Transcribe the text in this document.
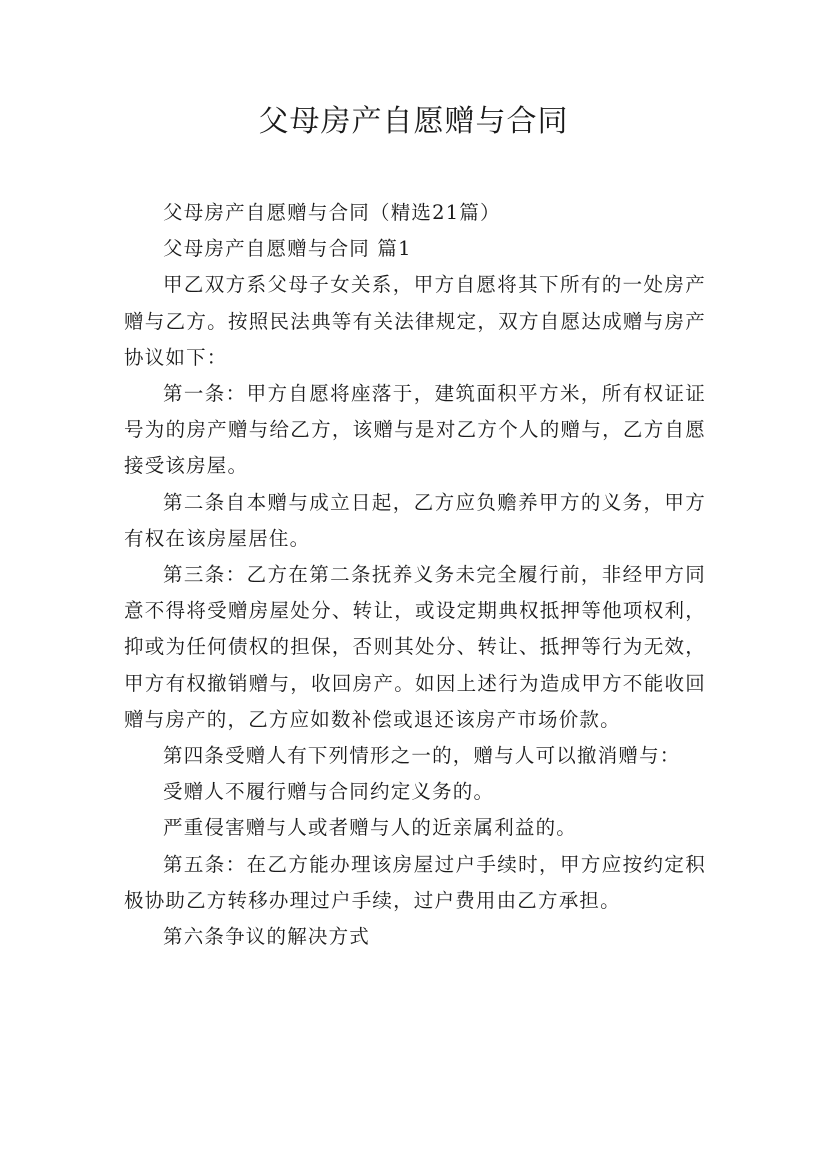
父母房产自愿赠与合同

父母房产自愿赠与合同（精选21篇）

父母房产自愿赠与合同 篇1

甲乙双方系父母子女关系，甲方自愿将其下所有的一处房产赠与乙方。按照民法典等有关法律规定，双方自愿达成赠与房产协议如下：

第一条：甲方自愿将座落于，建筑面积平方米，所有权证证号为的房产赠与给乙方，该赠与是对乙方个人的赠与，乙方自愿接受该房屋。

第二条自本赠与成立日起，乙方应负赡养甲方的义务，甲方有权在该房屋居住。

第三条：乙方在第二条抚养义务未完全履行前，非经甲方同意不得将受赠房屋处分、转让，或设定期典权抵押等他项权利，抑或为任何债权的担保，否则其处分、转让、抵押等行为无效，甲方有权撤销赠与，收回房产。如因上述行为造成甲方不能收回赠与房产的，乙方应如数补偿或退还该房产市场价款。

第四条受赠人有下列情形之一的，赠与人可以撤消赠与：

受赠人不履行赠与合同约定义务的。

严重侵害赠与人或者赠与人的近亲属利益的。

第五条：在乙方能办理该房屋过户手续时，甲方应按约定积极协助乙方转移办理过户手续，过户费用由乙方承担。

第六条争议的解决方式
